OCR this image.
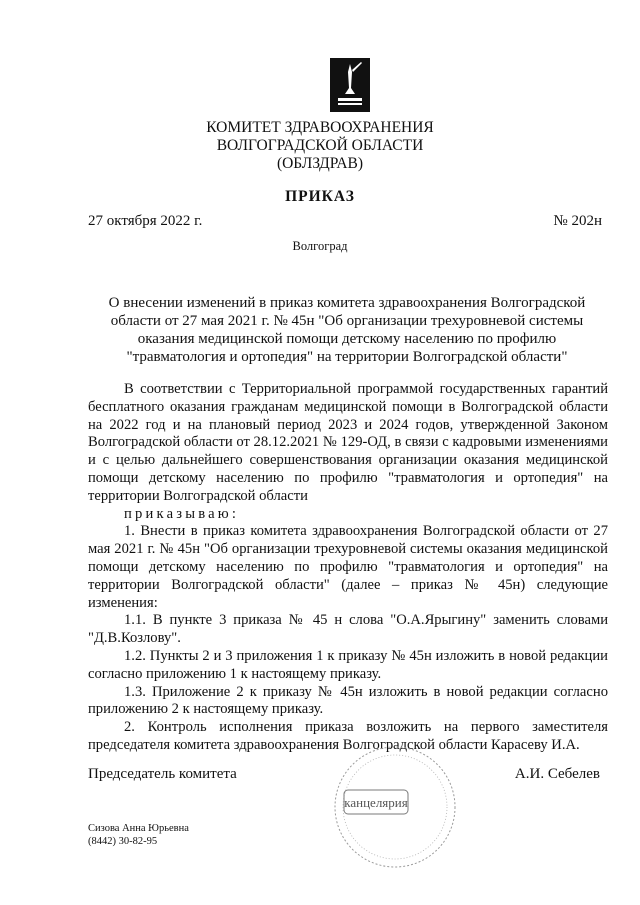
КОМИТЕТ ЗДРАВООХРАНЕНИЯ
ВОЛГОГРАДСКОЙ ОБЛАСТИ
(ОБЛЗДРАВ)
ПРИКАЗ
27 октября 2022 г.	№ 202н
Волгоград
О внесении изменений в приказ комитета здравоохранения Волгоградской области от 27 мая 2021 г. № 45н "Об организации трехуровневой системы оказания медицинской помощи детскому населению по профилю "травматология и ортопедия" на территории Волгоградской области"

В соответствии с Территориальной программой государственных гарантий бесплатного оказания гражданам медицинской помощи в Волгоградской области на 2022 год и на плановый период 2023 и 2024 годов, утвержденной Законом Волгоградской области от 28.12.2021 № 129-ОД, в связи с кадровыми изменениями и с целью дальнейшего совершенствования организации оказания медицинской помощи детскому населению по профилю "травматология и ортопедия" на территории Волгоградской области

приказываю:

1. Внести в приказ комитета здравоохранения Волгоградской области от 27 мая 2021 г. № 45н "Об организации трехуровневой системы оказания медицинской помощи детскому населению по профилю "травматология и ортопедия" на территории Волгоградской области" (далее – приказ № 45н) следующие изменения:

1.1. В пункте 3 приказа № 45 н слова "О.А.Ярыгину" заменить словами "Д.В.Козлову".

1.2. Пункты 2 и 3 приложения 1 к приказу № 45н изложить в новой редакции согласно приложению 1 к настоящему приказу.

1.3. Приложение 2 к приказу № 45н изложить в новой редакции согласно приложению 2 к настоящему приказу.

2. Контроль исполнения приказа возложить на первого заместителя председателя комитета здравоохранения Волгоградской области Карасеву И.А.

канцелярия
Председатель комитета	А.И. Себелев
Сизова Анна Юрьевна
(8442) 30-82-95
